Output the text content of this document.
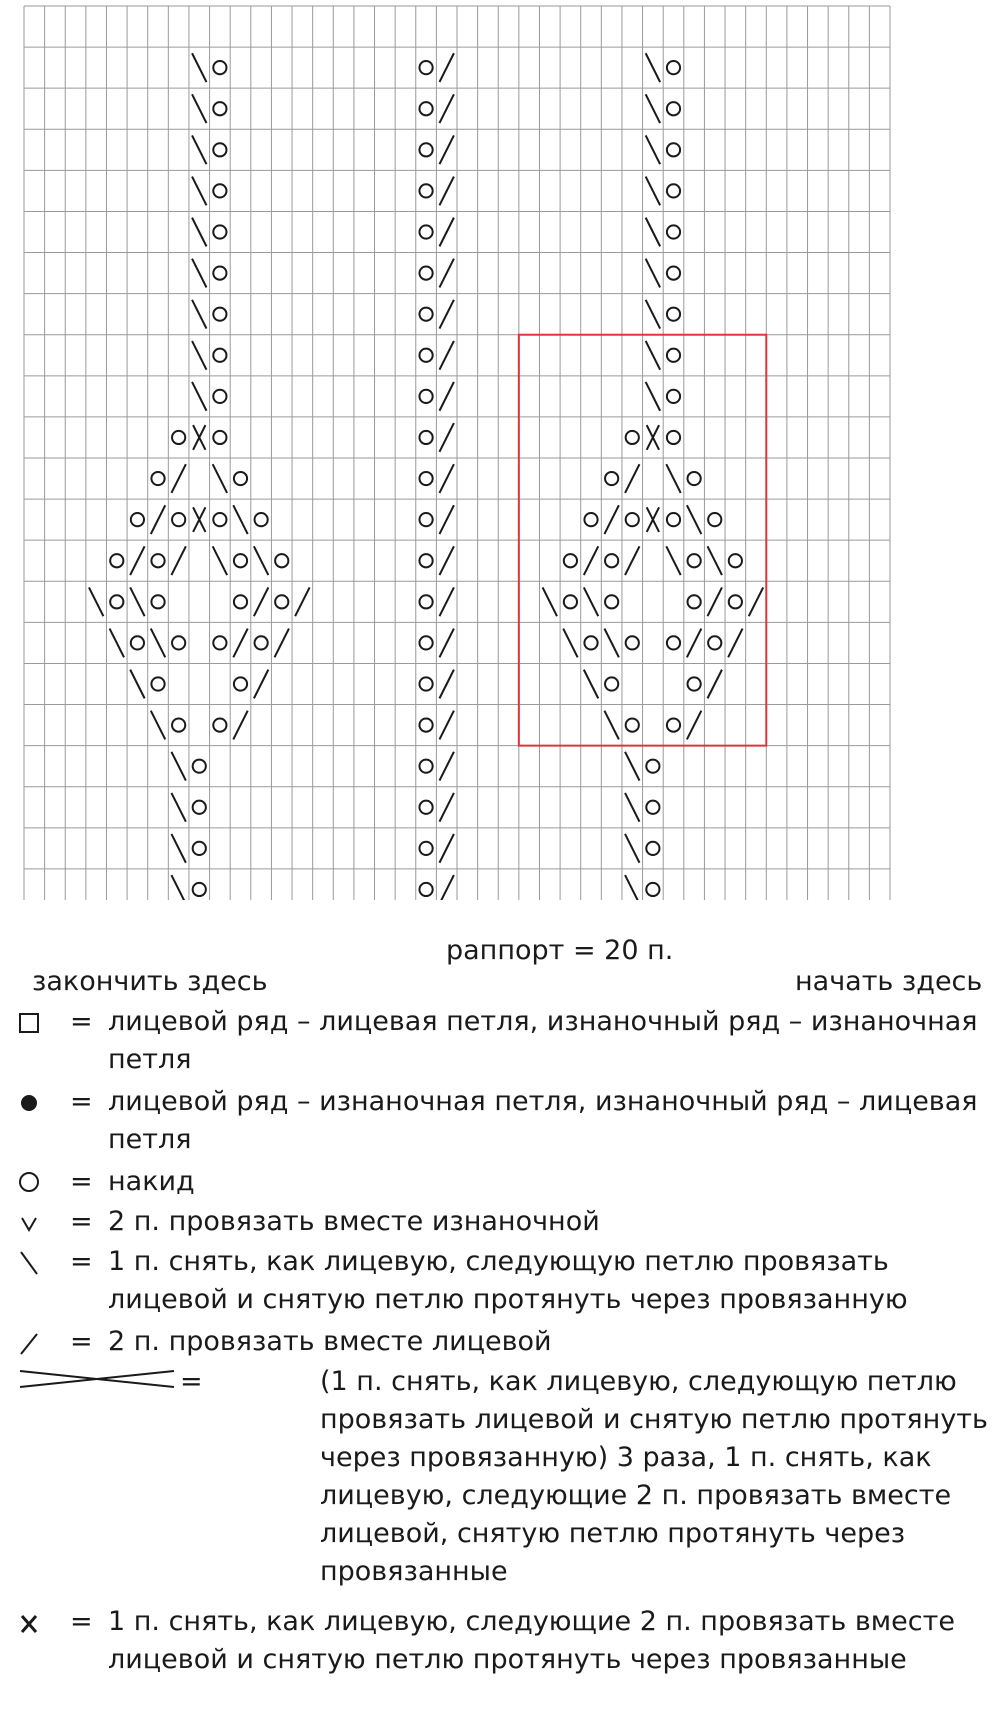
раппорт = 20 п.
закончить здесь	начать здесь
= лицевой ряд – лицевая петля, изнаночный ряд – изнаночная петля
= лицевой ряд – изнаночная петля, изнаночный ряд – лицевая петля
= накид
= 2 п. провязать вместе изнаночной
= 1 п. снять, как лицевую, следующую петлю провязать лицевой и снятую петлю протянуть через провязанную
= 2 п. провязать вместе лицевой
=	(1 п. снять, как лицевую, следующую петлю провязать лицевой и снятую петлю протянуть через провязанную) 3 раза, 1 п. снять, как лицевую, следующие 2 п. провязать вместе лицевой, снятую петлю протянуть через провязанные
= 1 п. снять, как лицевую, следующие 2 п. провязать вместе лицевой и снятую петлю протянуть через провязанные
